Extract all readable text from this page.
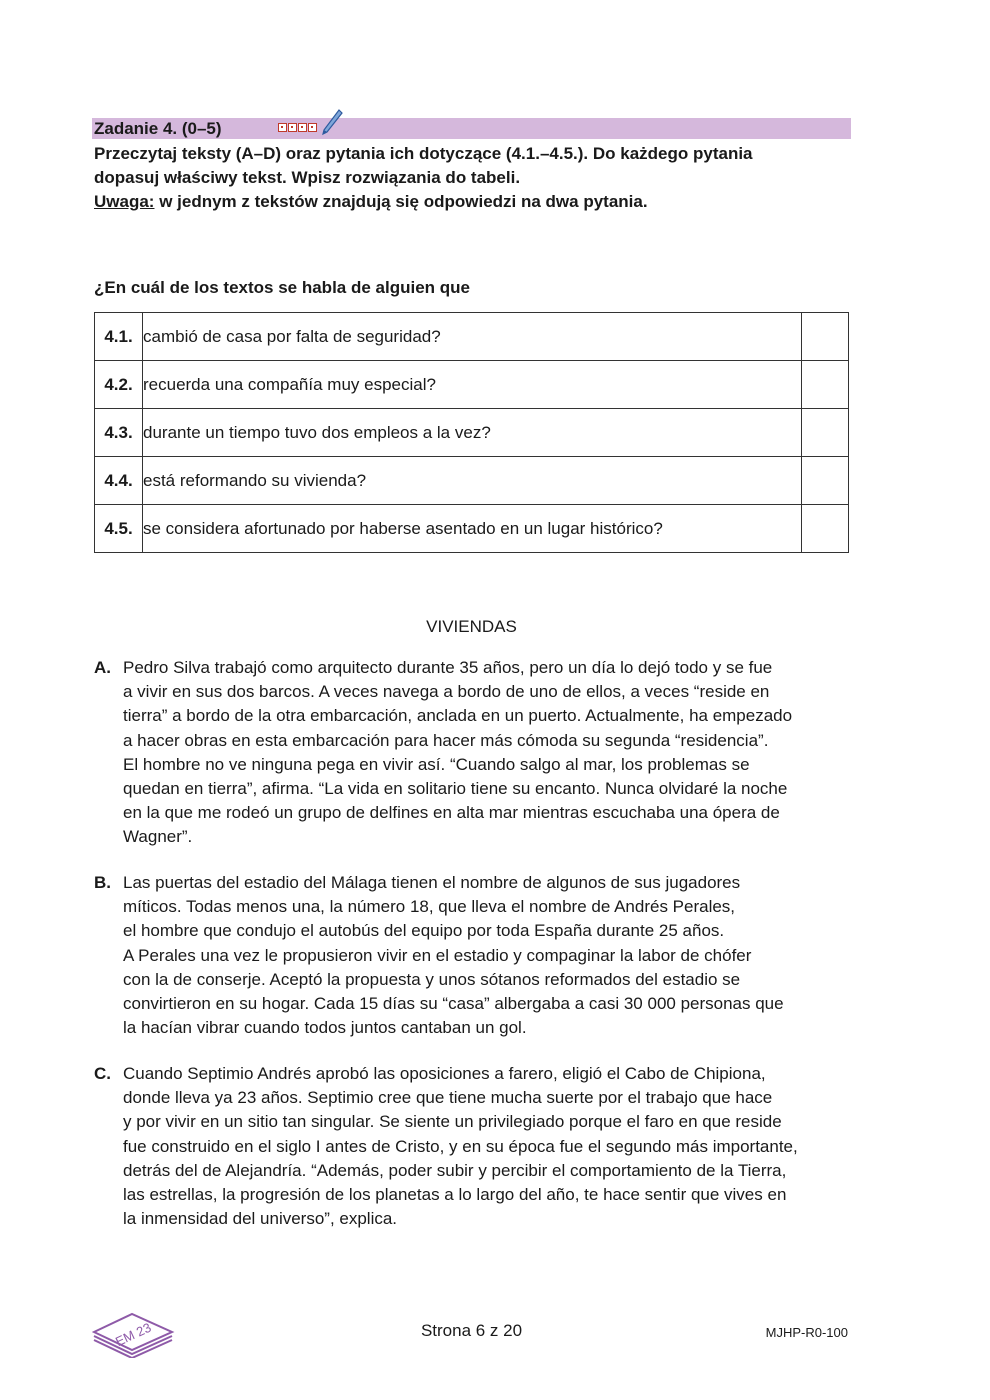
Zadanie 4. (0–5)
Przeczytaj teksty (A–D) oraz pytania ich dotyczące (4.1.–4.5.). Do każdego pytania
dopasuj właściwy tekst. Wpisz rozwiązania do tabeli.
Uwaga: w jednym z tekstów znajdują się odpowiedzi na dwa pytania.
¿En cuál de los textos se habla de alguien que
4.1.	cambió de casa por falta de seguridad?	
4.2.	recuerda una compañía muy especial?	
4.3.	durante un tiempo tuvo dos empleos a la vez?	
4.4.	está reformando su vivienda?	
4.5.	se considera afortunado por haberse asentado en un lugar histórico?	
VIVIENDAS
A. Pedro Silva trabajó como arquitecto durante 35 años, pero un día lo dejó todo y se fue
a vivir en sus dos barcos. A veces navega a bordo de uno de ellos, a veces “reside en
tierra” a bordo de la otra embarcación, anclada en un puerto. Actualmente, ha empezado
a hacer obras en esta embarcación para hacer más cómoda su segunda “residencia”.
El hombre no ve ninguna pega en vivir así. “Cuando salgo al mar, los problemas se
quedan en tierra”, afirma. “La vida en solitario tiene su encanto. Nunca olvidaré la noche
en la que me rodeó un grupo de delfines en alta mar mientras escuchaba una ópera de
Wagner”.
B. Las puertas del estadio del Málaga tienen el nombre de algunos de sus jugadores
míticos. Todas menos una, la número 18, que lleva el nombre de Andrés Perales,
el hombre que condujo el autobús del equipo por toda España durante 25 años.
A Perales una vez le propusieron vivir en el estadio y compaginar la labor de chófer
con la de conserje. Aceptó la propuesta y unos sótanos reformados del estadio se
convirtieron en su hogar. Cada 15 días su “casa” albergaba a casi 30 000 personas que
la hacían vibrar cuando todos juntos cantaban un gol.
C. Cuando Septimio Andrés aprobó las oposiciones a farero, eligió el Cabo de Chipiona,
donde lleva ya 23 años. Septimio cree que tiene mucha suerte por el trabajo que hace
y por vivir en un sitio tan singular. Se siente un privilegiado porque el faro en que reside
fue construido en el siglo I antes de Cristo, y en su época fue el segundo más importante,
detrás del de Alejandría. “Además, poder subir y percibir el comportamiento de la Tierra,
las estrellas, la progresión de los planetas a lo largo del año, te hace sentir que vives en
la inmensidad del universo”, explica.
EM 23	Strona 6 z 20	MJHP-R0-100
